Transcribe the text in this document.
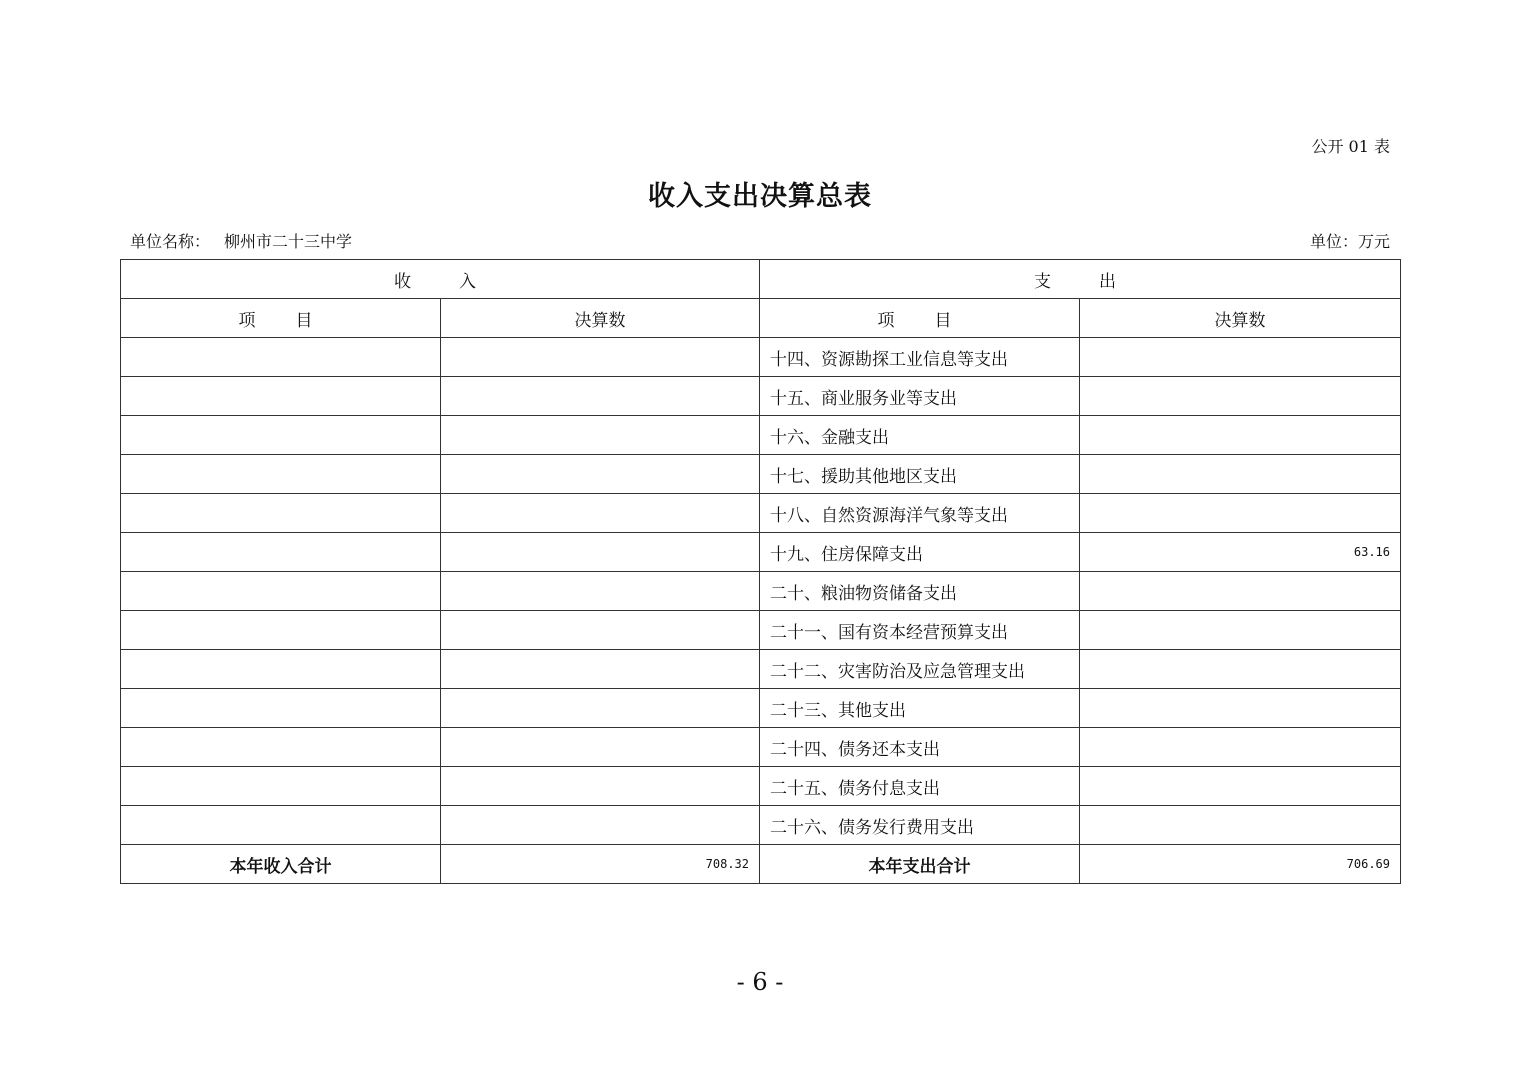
公开 01 表
收入支出决算总表
单位名称： 柳州市二十三中学	单位：万元
收入		支出	
项目	决算数	项目	决算数
		十四、资源勘探工业信息等支出	
		十五、商业服务业等支出	
		十六、金融支出	
		十七、援助其他地区支出	
		十八、自然资源海洋气象等支出	
		十九、住房保障支出	63.16
		二十、粮油物资储备支出	
		二十一、国有资本经营预算支出	
		二十二、灾害防治及应急管理支出	
		二十三、其他支出	
		二十四、债务还本支出	
		二十五、债务付息支出	
		二十六、债务发行费用支出	
本年收入合计	708.32	本年支出合计	706.69
- 6 -
